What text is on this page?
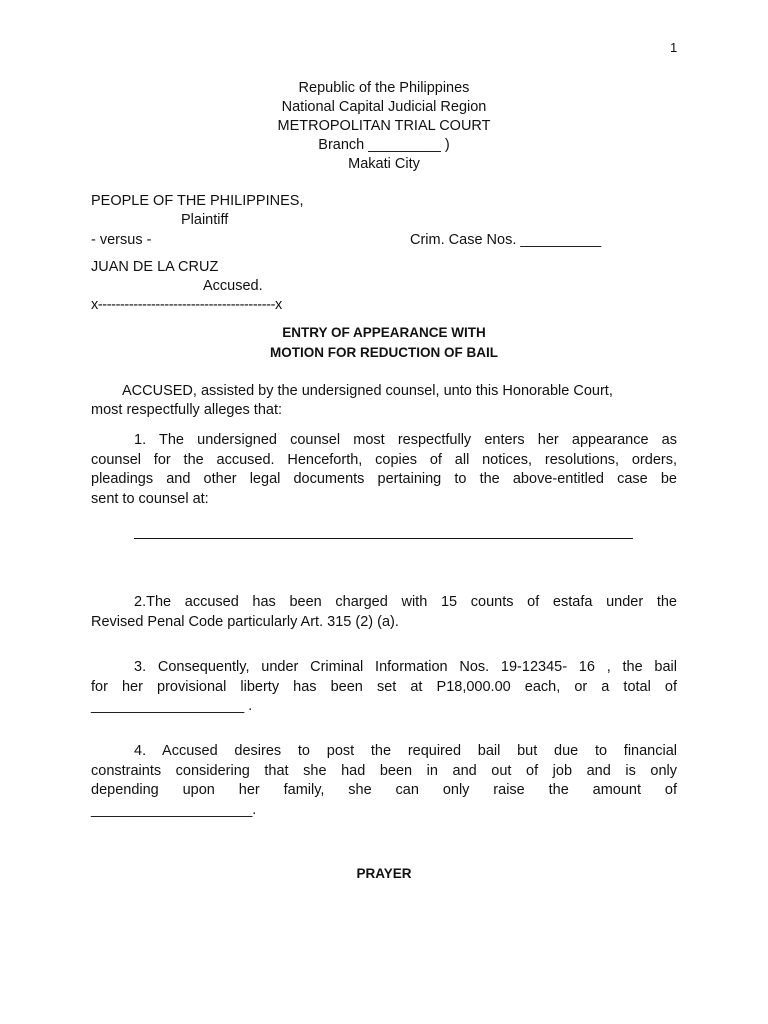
1
Republic of the Philippines
National Capital Judicial Region
METROPOLITAN TRIAL COURT
Branch _________ )
Makati City
PEOPLE OF THE PHILIPPINES,
Plaintiff
- versus -	Crim. Case Nos. __________
JUAN DE LA CRUZ
Accused.
x----------------------------------------x
ENTRY OF APPEARANCE WITH
MOTION FOR REDUCTION OF BAIL
ACCUSED, assisted by the undersigned counsel, unto this Honorable Court,
most respectfully alleges that:
1. The undersigned counsel most respectfully enters her appearance as
counsel for the accused. Henceforth, copies of all notices, resolutions, orders,
pleadings and other legal documents pertaining to the above-entitled case be
sent to counsel at:
2.The accused has been charged with 15 counts of estafa under the
Revised Penal Code particularly Art. 315 (2) (a).
3. Consequently, under Criminal Information Nos. 19-12345- 16 , the bail
for her provisional liberty has been set at P18,000.00 each, or a total of
___________________ .
4. Accused desires to post the required bail but due to financial
constraints considering that she had been in and out of job and is only
depending upon her family, she can only raise the amount of
____________________.
PRAYER
